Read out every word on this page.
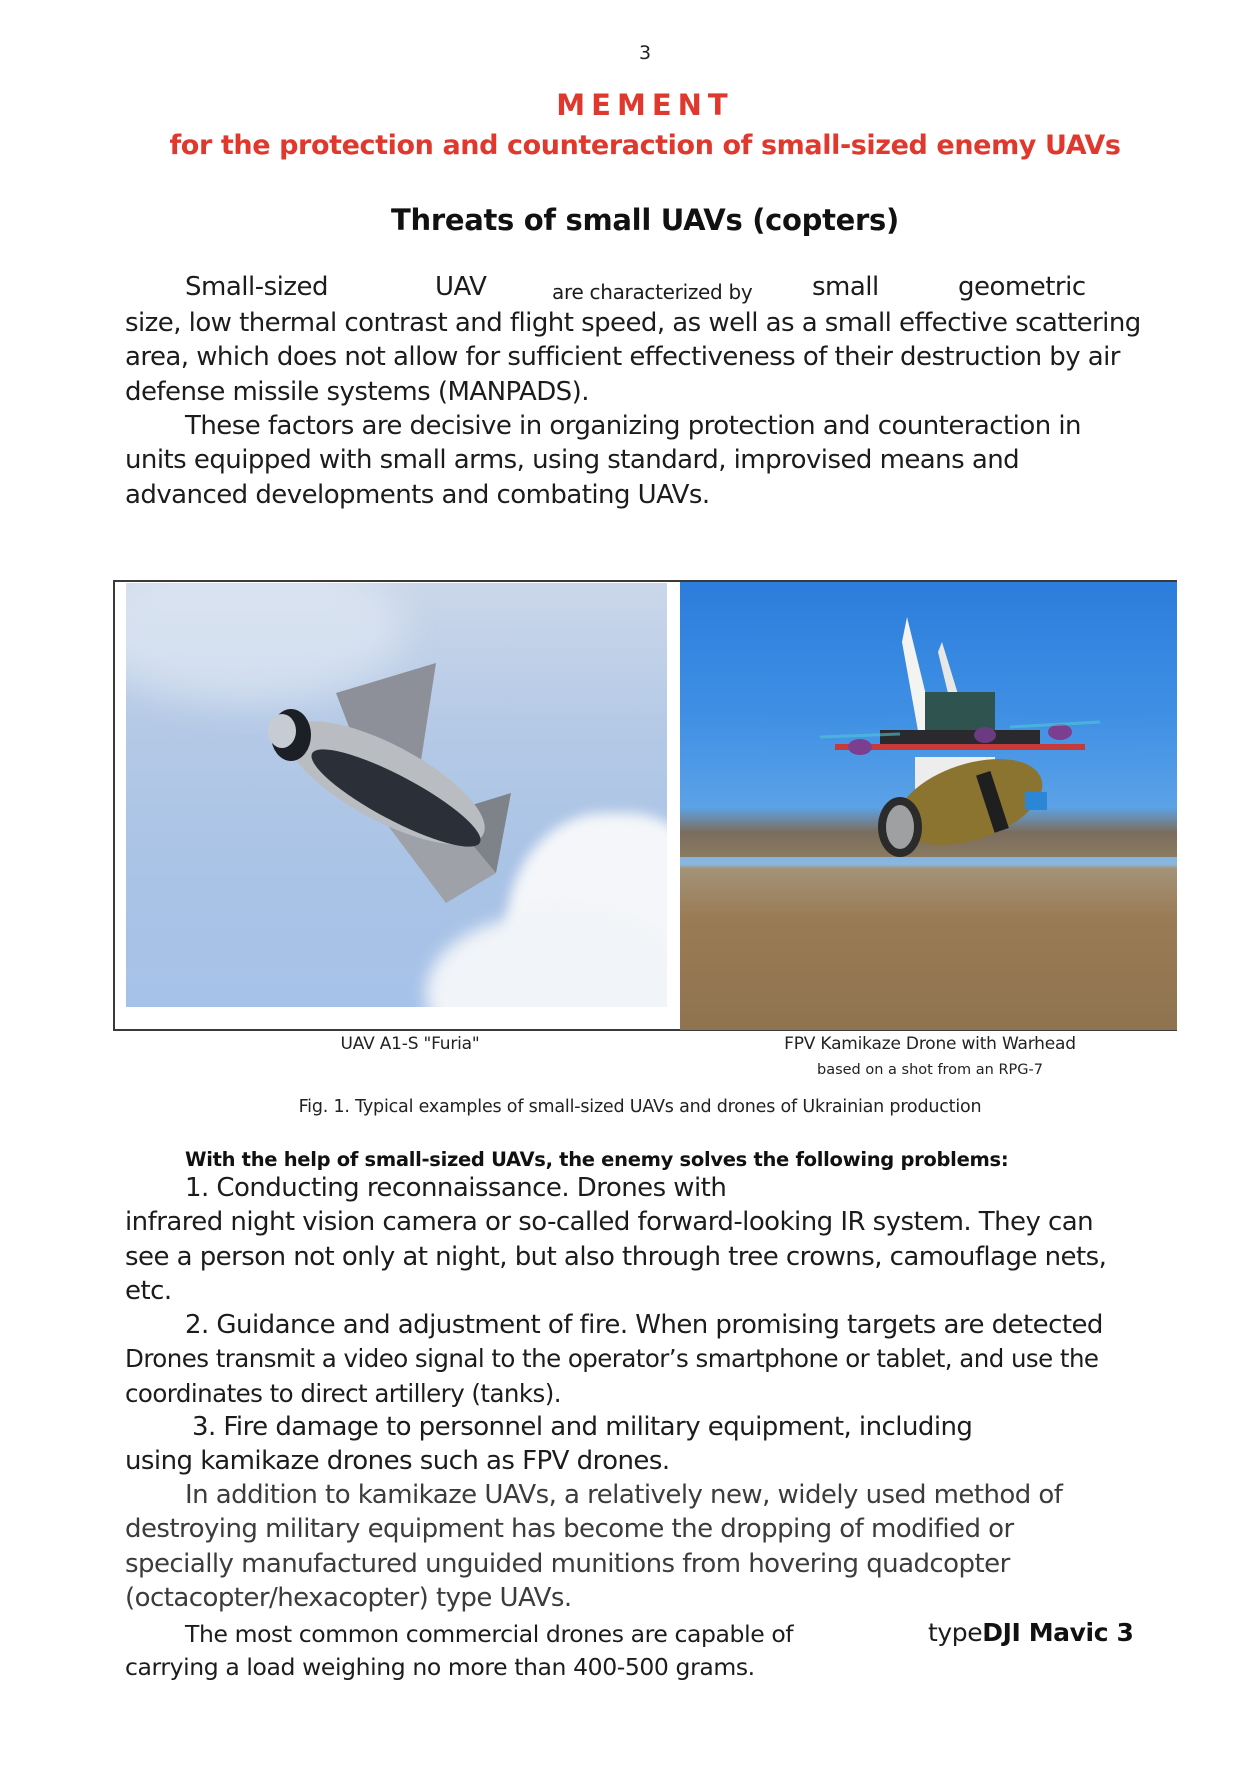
3
MEMENT
for the protection and counteraction of small-sized enemy UAVs
Threats of small UAVs (copters)
Small-sized	UAV	are characterized by small	geometric
size, low thermal contrast and flight speed, as well as a small effective scattering
area, which does not allow for sufficient effectiveness of their destruction by air
defense missile systems (MANPADS).
These factors are decisive in organizing protection and counteraction in
units equipped with small arms, using standard, improvised means and
advanced developments and combating UAVs.
UAV A1-S "Furia"	FPV Kamikaze Drone with Warhead
based on a shot from an RPG-7
Fig. 1. Typical examples of small-sized UAVs and drones of Ukrainian production
With the help of small-sized UAVs, the enemy solves the following problems:
1. Conducting reconnaissance. Drones with
infrared night vision camera or so-called forward-looking IR system. They can
see a person not only at night, but also through tree crowns, camouflage nets,
etc.
2. Guidance and adjustment of fire. When promising targets are detected
Drones transmit a video signal to the operator’s smartphone or tablet, and use the
coordinates to direct artillery (tanks).
3. Fire damage to personnel and military equipment, including
using kamikaze drones such as FPV drones.
In addition to kamikaze UAVs, a relatively new, widely used method of
destroying military equipment has become the dropping of modified or
specially manufactured unguided munitions from hovering quadcopter
(octacopter/hexacopter) type UAVs.
The most common commercial drones are capable of	typeDJI Mavic 3
carrying a load weighing no more than 400-500 grams.
